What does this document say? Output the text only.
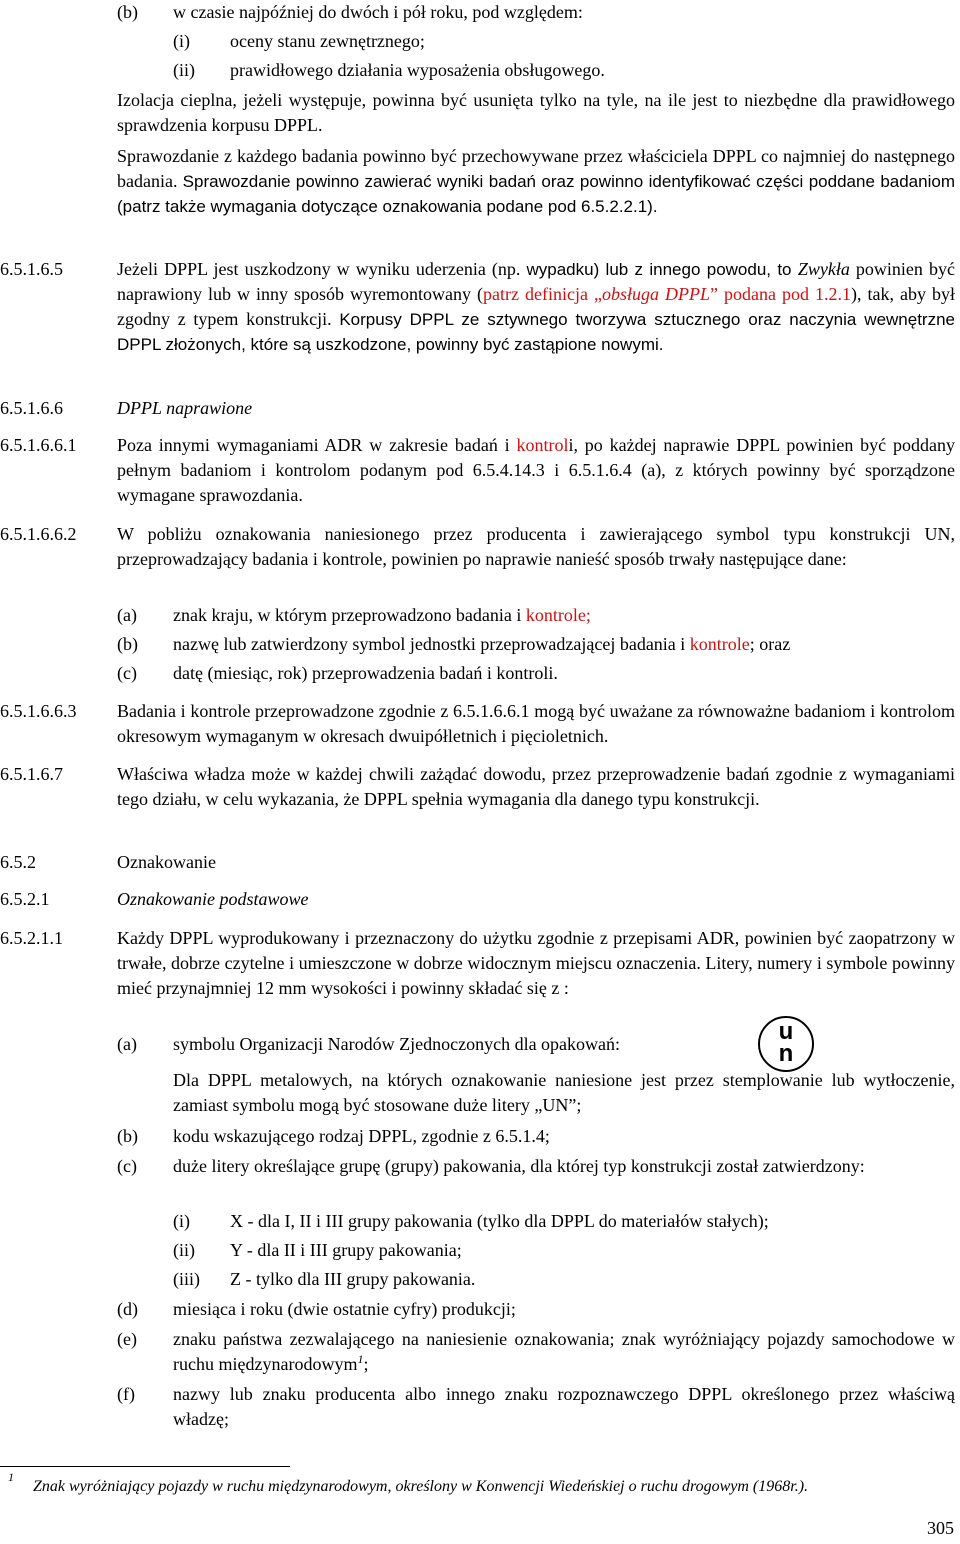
(b) w czasie najpóźniej do dwóch i pół roku, pod względem:
(i) oceny stanu zewnętrznego;
(ii) prawidłowego działania wyposażenia obsługowego.
Izolacja cieplna, jeżeli występuje, powinna być usunięta tylko na tyle, na ile jest to niezbędne dla prawidłowego sprawdzenia korpusu DPPL.
Sprawozdanie z każdego badania powinno być przechowywane przez właściciela DPPL co najmniej do następnego badania. Sprawozdanie powinno zawierać wyniki badań oraz powinno identyfikować części poddane badaniom (patrz także wymagania dotyczące oznakowania podane pod 6.5.2.2.1).
6.5.1.6.5	Jeżeli DPPL jest uszkodzony w wyniku uderzenia (np. wypadku) lub z innego powodu, to Zwykła powinien być naprawiony lub w inny sposób wyremontowany (patrz definicja „obsługa DPPL” podana pod 1.2.1), tak, aby był zgodny z typem konstrukcji. Korpusy DPPL ze sztywnego tworzywa sztucznego oraz naczynia wewnętrzne DPPL złożonych, które są uszkodzone, powinny być zastąpione nowymi.
6.5.1.6.6	DPPL naprawione
6.5.1.6.6.1 Poza innymi wymaganiami ADR w zakresie badań i kontroli, po każdej naprawie DPPL powinien być poddany pełnym badaniom i kontrolom podanym pod 6.5.4.14.3 i 6.5.1.6.4 (a), z których powinny być sporządzone wymagane sprawozdania.
6.5.1.6.6.2 W pobliżu oznakowania naniesionego przez producenta i zawierającego symbol typu konstrukcji UN, przeprowadzający badania i kontrole, powinien po naprawie nanieść sposób trwały następujące dane:
(a) znak kraju, w którym przeprowadzono badania i kontrole;
(b) nazwę lub zatwierdzony symbol jednostki przeprowadzającej badania i kontrole; oraz
(c) datę (miesiąc, rok) przeprowadzenia badań i kontroli.
6.5.1.6.6.3 Badania i kontrole przeprowadzone zgodnie z 6.5.1.6.6.1 mogą być uważane za równoważne badaniom i kontrolom okresowym wymaganym w okresach dwuipółletnich i pięcioletnich.
6.5.1.6.7	Właściwa władza może w każdej chwili zażądać dowodu, przez przeprowadzenie badań zgodnie z wymaganiami tego działu, w celu wykazania, że DPPL spełnia wymagania dla danego typu konstrukcji.
6.5.2	Oznakowanie
6.5.2.1	Oznakowanie podstawowe
6.5.2.1.1	Każdy DPPL wyprodukowany i przeznaczony do użytku zgodnie z przepisami ADR, powinien być zaopatrzony w trwałe, dobrze czytelne i umieszczone w dobrze widocznym miejscu oznaczenia. Litery, numery i symbole powinny mieć przynajmniej 12 mm wysokości i powinny składać się z :
(a) symbolu Organizacji Narodów Zjednoczonych dla opakowań:	u
n
Dla DPPL metalowych, na których oznakowanie naniesione jest przez stemplowanie lub wytłoczenie, zamiast symbolu mogą być stosowane duże litery „UN”;
(b) kodu wskazującego rodzaj DPPL, zgodnie z 6.5.1.4;
(c) duże litery określające grupę (grupy) pakowania, dla której typ konstrukcji został zatwierdzony:
(i) X - dla I, II i III grupy pakowania (tylko dla DPPL do materiałów stałych);
(ii) Y - dla II i III grupy pakowania;
(iii) Z - tylko dla III grupy pakowania.
(d) miesiąca i roku (dwie ostatnie cyfry) produkcji;
(e) znaku państwa zezwalającego na naniesienie oznakowania; znak wyróżniający pojazdy samochodowe w ruchu międzynarodowym$^1$;
(f) nazwy lub znaku producenta albo innego znaku rozpoznawczego DPPL określonego przez właściwą władzę;
1
Znak wyróżniający pojazdy w ruchu międzynarodowym, określony w Konwencji Wiedeńskiej o ruchu drogowym (1968r.).
305
